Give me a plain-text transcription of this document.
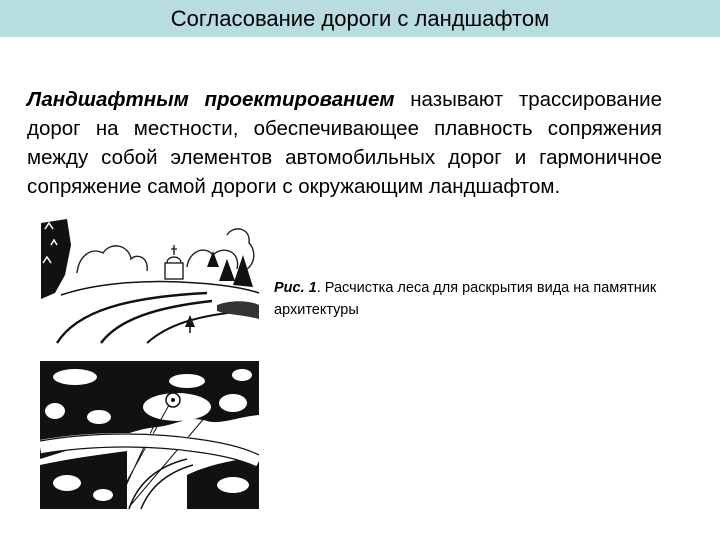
Согласование дороги с ландшафтом

Ландшафтным проектированием называют трассирование дорог на местности, обеспечивающее плавность сопряжения между собой элементов автомобильных дорог и гармоничное сопряжение самой дороги с окружающим ландшафтом.

Рис. 1. Расчистка леса для раскрытия вида на памятник архитектуры
